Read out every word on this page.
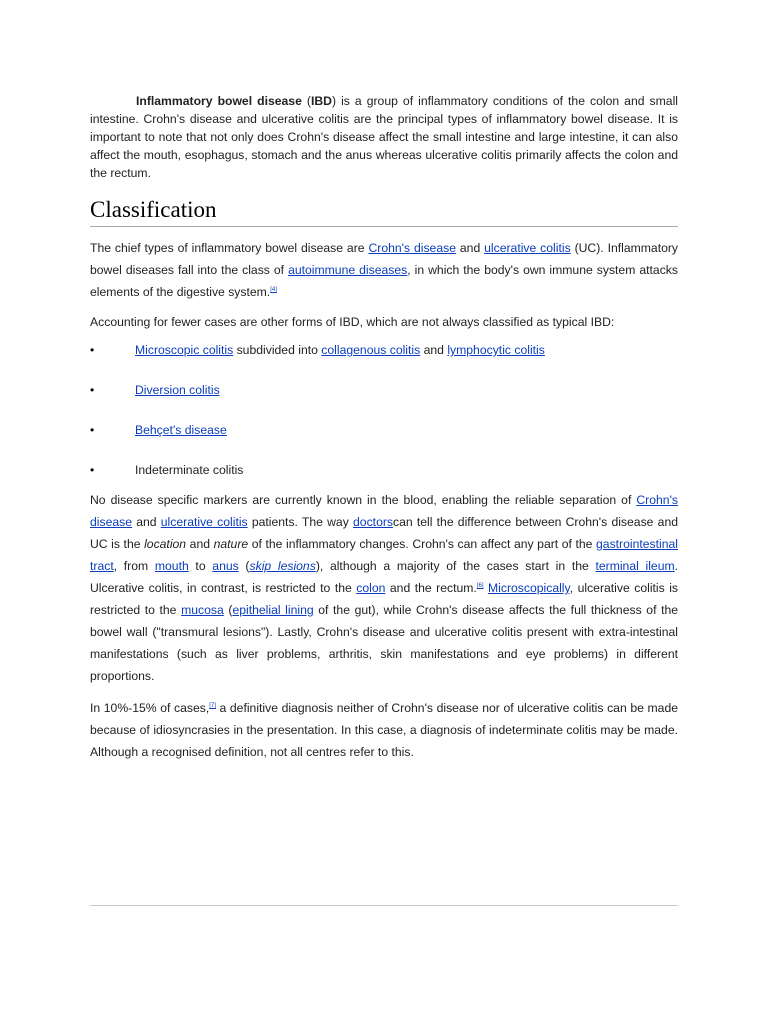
Inflammatory bowel disease (IBD) is a group of inflammatory conditions of the colon and small intestine. Crohn's disease and ulcerative colitis are the principal types of inflammatory bowel disease. It is important to note that not only does Crohn's disease affect the small intestine and large intestine, it can also affect the mouth, esophagus, stomach and the anus whereas ulcerative colitis primarily affects the colon and the rectum.

Classification

The chief types of inflammatory bowel disease are Crohn's disease and ulcerative colitis (UC). Inflammatory bowel diseases fall into the class of autoimmune diseases, in which the body's own immune system attacks elements of the digestive system.[4]

Accounting for fewer cases are other forms of IBD, which are not always classified as typical IBD:

•	Microscopic colitis subdivided into collagenous colitis and lymphocytic colitis
•	Diversion colitis
•	Behçet's disease
•	Indeterminate colitis

No disease specific markers are currently known in the blood, enabling the reliable separation of Crohn's disease and ulcerative colitis patients. The way doctorscan tell the difference between Crohn's disease and UC is the location and nature of the inflammatory changes. Crohn's can affect any part of the gastrointestinal tract, from mouth to anus (skip lesions), although a majority of the cases start in the terminal ileum. Ulcerative colitis, in contrast, is restricted to the colon and the rectum.[6] Microscopically, ulcerative colitis is restricted to the mucosa (epithelial lining of the gut), while Crohn's disease affects the full thickness of the bowel wall ("transmural lesions"). Lastly, Crohn's disease and ulcerative colitis present with extra-intestinal manifestations (such as liver problems, arthritis, skin manifestations and eye problems) in different proportions.

In 10%-15% of cases,[7] a definitive diagnosis neither of Crohn's disease nor of ulcerative colitis can be made because of idiosyncrasies in the presentation. In this case, a diagnosis of indeterminate colitis may be made. Although a recognised definition, not all centres refer to this.
